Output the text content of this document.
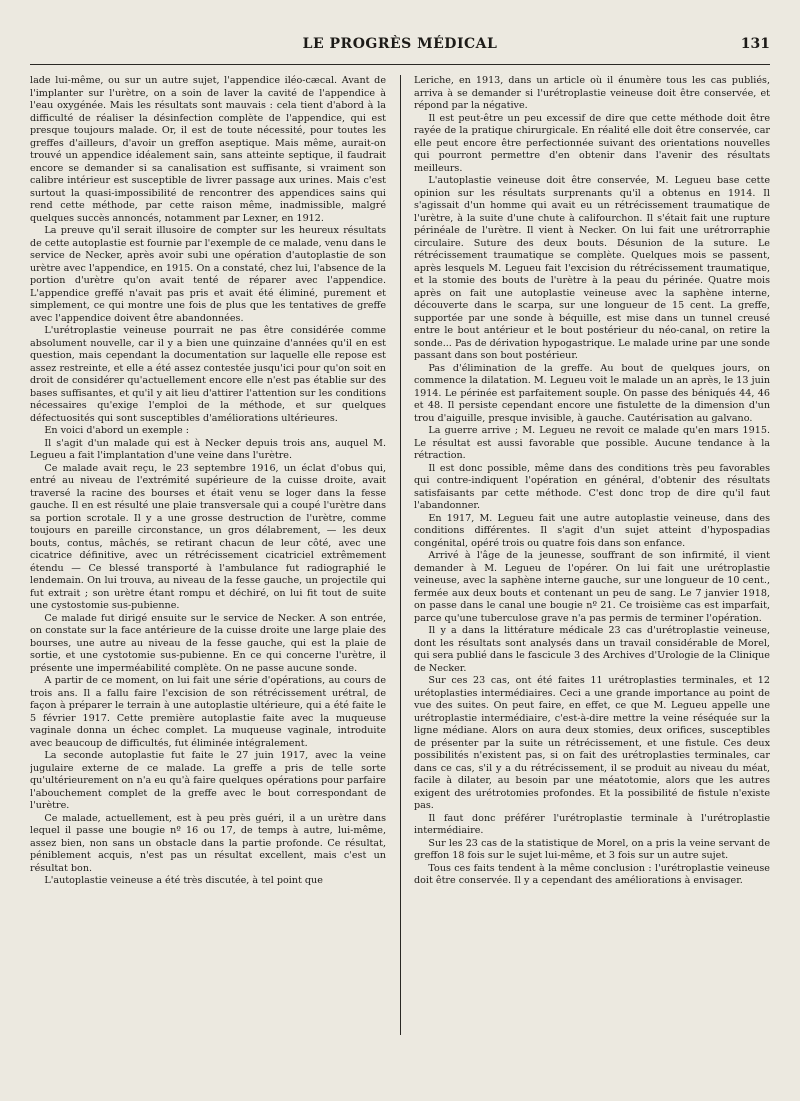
LE PROGRÈS MÉDICAL	131

lade lui-même, ou sur un autre sujet, l'appendice iléo-cæcal. Avant de l'implanter sur l'urètre, on a soin de laver la cavité de l'appendice à l'eau oxygénée. Mais les résultats sont mauvais : cela tient d'abord à la difficulté de réaliser la désinfection complète de l'appendice, qui est presque toujours malade. Or, il est de toute nécessité, pour toutes les greffes d'ailleurs, d'avoir un greffon aseptique. Mais même, aurait-on trouvé un appendice idéalement sain, sans atteinte septique, il faudrait encore se demander si sa canalisation est suffisante, si vraiment son calibre intérieur est susceptible de livrer passage aux urines. Mais c'est surtout la quasi-impossibilité de rencontrer des appendices sains qui rend cette méthode, par cette raison même, inadmissible, malgré quelques succès annoncés, notamment par Lexner, en 1912.

La preuve qu'il serait illusoire de compter sur les heureux résultats de cette autoplastie est fournie par l'exemple de ce malade, venu dans le service de Necker, après avoir subi une opération d'autoplastie de son urètre avec l'appendice, en 1915. On a constaté, chez lui, l'absence de la portion d'urètre qu'on avait tenté de réparer avec l'appendice. L'appendice greffé n'avait pas pris et avait été éliminé, purement et simplement, ce qui montre une fois de plus que les tentatives de greffe avec l'appendice doivent être abandonnées.

L'urétroplastie veineuse pourrait ne pas être considérée comme absolument nouvelle, car il y a bien une quinzaine d'années qu'il en est question, mais cependant la documentation sur laquelle elle repose est assez restreinte, et elle a été assez contestée jusqu'ici pour qu'on soit en droit de considérer qu'actuellement encore elle n'est pas établie sur des bases suffisantes, et qu'il y ait lieu d'attirer l'attention sur les conditions nécessaires qu'exige l'emploi de la méthode, et sur quelques défectuosités qui sont susceptibles d'améliorations ultérieures.

En voici d'abord un exemple :

Il s'agit d'un malade qui est à Necker depuis trois ans, auquel M. Legueu a fait l'implantation d'une veine dans l'urètre.

Ce malade avait reçu, le 23 septembre 1916, un éclat d'obus qui, entré au niveau de l'extrémité supérieure de la cuisse droite, avait traversé la racine des bourses et était venu se loger dans la fesse gauche. Il en est résulté une plaie transversale qui a coupé l'urètre dans sa portion scrotale. Il y a une grosse destruction de l'urètre, comme toujours en pareille circonstance, un gros délabrement, — les deux bouts, contus, mâchés, se retirant chacun de leur côté, avec une cicatrice définitive, avec un rétrécissement cicatriciel extrêmement étendu — Ce blessé transporté à l'ambulance fut radiographié le lendemain. On lui trouva, au niveau de la fesse gauche, un projectile qui fut extrait ; son urètre étant rompu et déchiré, on lui fit tout de suite une cystostomie sus-pubienne.

Ce malade fut dirigé ensuite sur le service de Necker. A son entrée, on constate sur la face antérieure de la cuisse droite une large plaie des bourses, une autre au niveau de la fesse gauche, qui est la plaie de sortie, et une cystotomie sus-pubienne. En ce qui concerne l'urètre, il présente une imperméabilité complète. On ne passe aucune sonde.

A partir de ce moment, on lui fait une série d'opérations, au cours de trois ans. Il a fallu faire l'excision de son rétrécissement urétral, de façon à préparer le terrain à une autoplastie ultérieure, qui a été faite le 5 février 1917. Cette première autoplastie faite avec la muqueuse vaginale donna un échec complet. La muqueuse vaginale, introduite avec beaucoup de difficultés, fut éliminée intégralement.

La seconde autoplastie fut faite le 27 juin 1917, avec la veine jugulaire externe de ce malade. La greffe a pris de telle sorte qu'ultérieurement on n'a eu qu'à faire quelques opérations pour parfaire l'abouchement complet de la greffe avec le bout correspondant de l'urètre.

Ce malade, actuellement, est à peu près guéri, il a un urètre dans lequel il passe une bougie nº 16 ou 17, de temps à autre, lui-même, assez bien, non sans un obstacle dans la partie profonde. Ce résultat, péniblement acquis, n'est pas un résultat excellent, mais c'est un résultat bon.

L'autoplastie veineuse a été très discutée, à tel point que

Leriche, en 1913, dans un article où il énumère tous les cas publiés, arriva à se demander si l'urétroplastie veineuse doit être conservée, et répond par la négative.

Il est peut-être un peu excessif de dire que cette méthode doit être rayée de la pratique chirurgicale. En réalité elle doit être conservée, car elle peut encore être perfectionnée suivant des orientations nouvelles qui pourront permettre d'en obtenir dans l'avenir des résultats meilleurs.

L'autoplastie veineuse doit être conservée, M. Legueu base cette opinion sur les résultats surprenants qu'il a obtenus en 1914. Il s'agissait d'un homme qui avait eu un rétrécissement traumatique de l'urètre, à la suite d'une chute à califourchon. Il s'était fait une rupture périnéale de l'urètre. Il vient à Necker. On lui fait une urétrorraphie circulaire. Suture des deux bouts. Désunion de la suture. Le rétrécissement traumatique se complète. Quelques mois se passent, après lesquels M. Legueu fait l'excision du rétrécissement traumatique, et la stomie des bouts de l'urètre à la peau du périnée. Quatre mois après on fait une autoplastie veineuse avec la saphène interne, découverte dans le scarpa, sur une longueur de 15 cent. La greffe, supportée par une sonde à béquille, est mise dans un tunnel creusé entre le bout antérieur et le bout postérieur du néo-canal, on retire la sonde... Pas de dérivation hypogastrique. Le malade urine par une sonde passant dans son bout postérieur.

Pas d'élimination de la greffe. Au bout de quelques jours, on commence la dilatation. M. Legueu voit le malade un an après, le 13 juin 1914. Le périnée est parfaitement souple. On passe des béniqués 44, 46 et 48. Il persiste cependant encore une fistulette de la dimension d'un trou d'aiguille, presque invisible, à gauche. Cautérisation au galvano.

La guerre arrive ; M. Legueu ne revoit ce malade qu'en mars 1915. Le résultat est aussi favorable que possible. Aucune tendance à la rétraction.

Il est donc possible, même dans des conditions très peu favorables qui contre-indiquent l'opération en général, d'obtenir des résultats satisfaisants par cette méthode. C'est donc trop de dire qu'il faut l'abandonner.

En 1917, M. Legueu fait une autre autoplastie veineuse, dans des conditions différentes. Il s'agit d'un sujet atteint d'hypospadias congénital, opéré trois ou quatre fois dans son enfance.

Arrivé à l'âge de la jeunesse, souffrant de son infirmité, il vient demander à M. Legueu de l'opérer. On lui fait une urétroplastie veineuse, avec la saphène interne gauche, sur une longueur de 10 cent., fermée aux deux bouts et contenant un peu de sang. Le 7 janvier 1918, on passe dans le canal une bougie nº 21. Ce troisième cas est imparfait, parce qu'une tuberculose grave n'a pas permis de terminer l'opération.

Il y a dans la littérature médicale 23 cas d'urétroplastie veineuse, dont les résultats sont analysés dans un travail considérable de Morel, qui sera publié dans le fascicule 3 des Archives d'Urologie de la Clinique de Necker.

Sur ces 23 cas, ont été faites 11 urétroplasties terminales, et 12 urétoplasties intermédiaires. Ceci a une grande importance au point de vue des suites. On peut faire, en effet, ce que M. Legueu appelle une urétroplastie intermédiaire, c'est-à-dire mettre la veine réséquée sur la ligne médiane. Alors on aura deux stomies, deux orifices, susceptibles de présenter par la suite un rétrécissement, et une fistule. Ces deux possibilités n'existent pas, si on fait des urétroplasties terminales, car dans ce cas, s'il y a du rétrécissement, il se produit au niveau du méat, facile à dilater, au besoin par une méatotomie, alors que les autres exigent des urétrotomies profondes. Et la possibilité de fistule n'existe pas.

Il faut donc préférer l'urétroplastie terminale à l'urétroplastie intermédiaire.

Sur les 23 cas de la statistique de Morel, on a pris la veine servant de greffon 18 fois sur le sujet lui-même, et 3 fois sur un autre sujet.

Tous ces faits tendent à la même conclusion : l'urétroplastie veineuse doit être conservée. Il y a cependant des améliorations à envisager.
